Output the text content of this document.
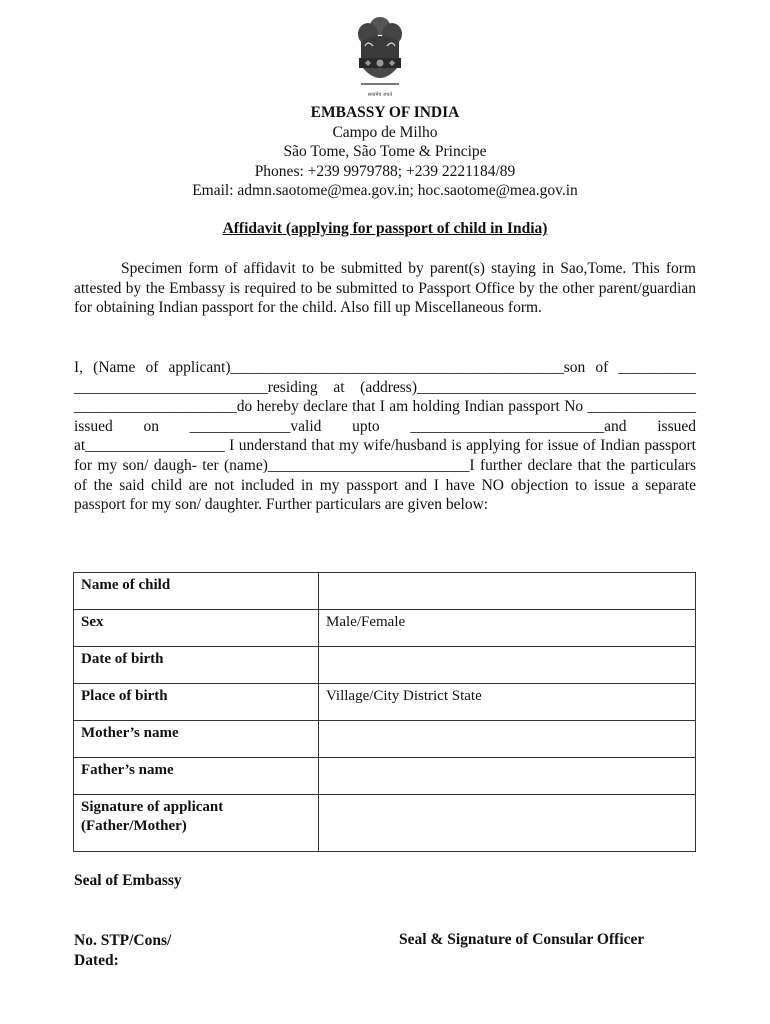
सत्यमेव जयते
EMBASSY OF INDIA
Campo de Milho
São Tome, São Tome & Principe
Phones: +239 9979788; +239 2221184/89
Email: admn.saotome@mea.gov.in; hoc.saotome@mea.gov.in
Affidavit (applying for passport of child in India)
Specimen form of affidavit to be submitted by parent(s) staying in Sao,Tome. This form attested by the Embassy is required to be submitted to Passport Office by the other parent/guardian for obtaining Indian passport for the child. Also fill up Miscellaneous form.
I, (Name of applicant)___________________________________________son of __________ _________________________residing at (address)____________________________________ _____________________do hereby declare that I am holding Indian passport No ______________ issued on _____________valid upto _________________________and issued at__________________ I understand that my wife/husband is applying for issue of Indian passport for my son/ daugh- ter (name)__________________________I further declare that the particulars of the said child are not included in my passport and I have NO objection to issue a separate passport for my son/ daughter. Further particulars are given below:
Name of child	
Sex	Male/Female
Date of birth	
Place of birth	Village/City District State
Mother’s name	
Father’s name	

Signature of applicant
(Father/Mother)	

Seal of Embassy
No. STP/Cons/
Dated:
Seal & Signature of Consular Officer
